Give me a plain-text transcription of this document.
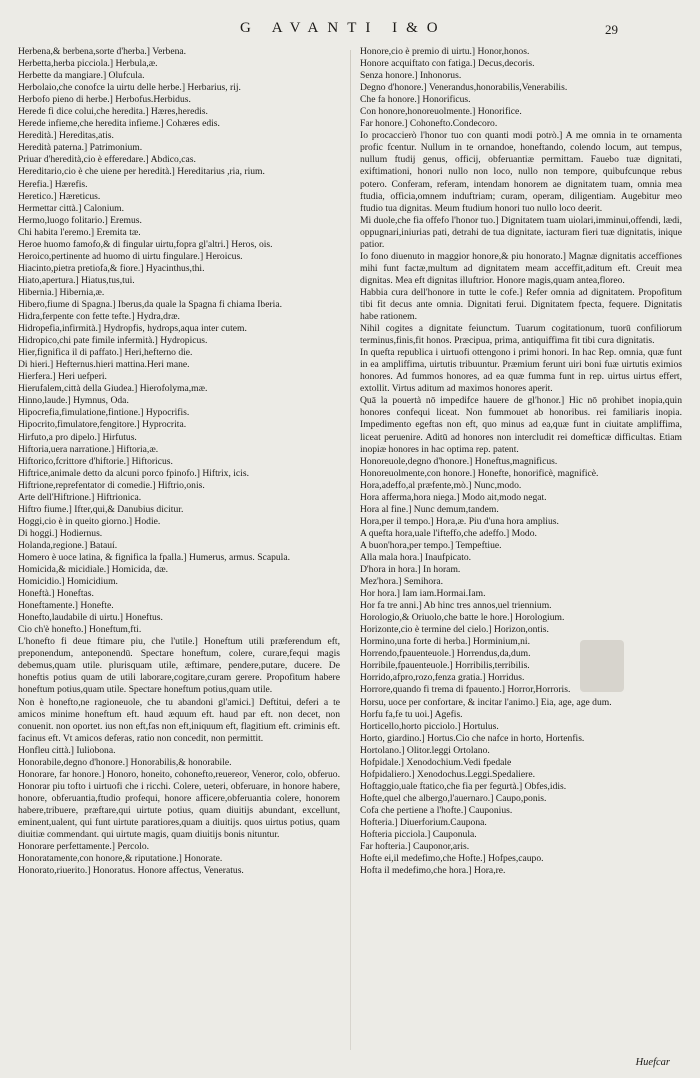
G AVANTI I&O	29

Herbena,& berbena,sorte d'herba.] Verbena.

Herbetta,herba picciola.] Herbula,æ.

Herbette da mangiare.] Olufcula.

Herbolaio,che conofce la uirtu delle herbe.] Herbarius, rij.

Herbofo pieno di herbe.] Herbofus.Herbidus.

Herede fi dice colui,che heredita.] Hæres,heredis.

Herede infieme,che heredita infieme.] Cohæres edis.

Heredità.] Hereditas,atis.

Heredità paterna.] Patrimonium.

Priuar d'heredità,cio è efferedare.] Abdico,cas.

Hereditario,cio è che uiene per heredità.] Hereditarius ,ria, rium.

Herefia.] Hærefis.

Heretico.] Hæreticus.

Hermettar città.] Calonium.

Hermo,luogo folitario.] Eremus.

Chi habita l'eremo.] Eremita tæ.

Heroe huomo famofo,& di fingular uirtu,fopra gl'altri.] Heros, ois.

Heroico,pertinente ad huomo di uirtu fingulare.] Heroicus.

Hiacinto,pietra pretiofa,& fiore.] Hyacinthus,thi.

Hiato,apertura.] Hiatus,tus,tui.

Hibernia.] Hibernia,æ.

Hibero,fiume di Spagna.] Iberus,da quale la Spagna fi chiama Iberia.

Hidra,ferpente con fette tefte.] Hydra,dræ.

Hidropefia,infirmità.] Hydropfis, hydrops,aqua inter cutem.

Hidropico,chi pate fimile infermità.] Hydropicus.

Hier,fignifica il di paffato.] Heri,hefterno die.

Di hieri.] Hefternus.hieri mattina.Heri mane.

Hierfera.] Heri uefperi.

Hierufalem,città della Giudea.] Hierofolyma,mæ.

Hinno,laude.] Hymnus, Oda.

Hipocrefia,fimulatione,fintione.] Hypocrifis.

Hipocrito,fimulatore,fengitore.] Hyprocrita.

Hirfuto,a pro dipelo.] Hirfutus.

Hiftoria,uera narratione.] Hiftoria,æ.

Hiftorico,fcrittore d'hiftorie.] Hiftoricus.

Hiftrice,animale detto da alcuni porco fpinofo.] Hiftrix, icis.

Hiftrione,reprefentator di comedie.] Hiftrio,onis.

Arte dell'Hiftrione.] Hiftrionica.

Hiftro fiume.] Ifter,qui,& Danubius dicitur.

Hoggi,cio è in queito giorno.] Hodie.

Di hoggi.] Hodiernus.

Holanda,regione.] Batauí.

Homero è uoce latina, & fignifica la fpalla.] Humerus, armus. Scapula.

Homicida,& micidiale.] Homicida, dæ.

Homicidio.] Homicidium.

Honeftà.] Honeftas.

Honeftamente.] Honefte.

Honefto,laudabile di uirtu.] Honeftus.

Cio ch'è honefto.] Honeftum,fti.

L'honefto fi deue ftimare piu, che l'utile.] Honeftum utili præferendum eft, preponendum, anteponendū. Spectare honeftum, colere, curare,fequi magis debemus,quam utile. plurisquam utile, æftimare, pendere,putare, ducere. De honeftis potius quam de utili laborare,cogitare,curam gerere. Propofitum habere honeftum potius,quam utile. Spectare honeftum potius,quam utile.

Non è honefto,ne ragioneuole, che tu abandoni gl'amici.] Deftitui, deferi a te amicos minime honeftum eft. haud æquum eft. haud par eft. non decet, non conuenit. non oportet. ius non eft,fas non eft,iniquum eft, flagitium eft. criminis eft. facinus eft. Vt amicos deferas, ratio non concedit, non permittit.

Honfleu città.] Iuliobona.

Honorabile,degno d'honore.] Honorabilis,& honorabile.

Honorare, far honore.] Honoro, honeito, cohonefto,reuereor, Veneror, colo, obferuo. Honorar piu tofto i uirtuofi che i ricchi. Colere, ueteri, obferuare, in honore habere, honore, obferuantia,ftudio profequi, honore afficere,obferuantia colere, honorem habere,tribuere, præftare,qui uirtute potius, quam diuitijs abundant, excellunt, eminent,ualent, qui funt uirtute paratiores,quam a diuitijs. quos uirtus potius, quam diuitiæ commendant. qui uirtute magis, quam diuitijs bonis nituntur.

Honorare perfettamente.] Percolo.

Honoratamente,con honore,& riputatione.] Honorate.

Honorato,riuerito.] Honoratus. Honore affectus, Veneratus.

Honore,cio è premio di uirtu.] Honor,honos.

Honore acquiftato con fatiga.] Decus,decoris.

Senza honore.] Inhonorus.

Degno d'honore.] Venerandus,honorabilis,Venerabilis.

Che fa honore.] Honorificus.

Con honore,honoreuolmente.] Honorifice.

Far honore.] Cohonefto.Condecoro.

Io procaccierò l'honor tuo con quanti modi potrò.] A me omnia in te ornamenta profic fcentur. Nullum in te ornandoe, honeftando, colendo locum, aut tempus, nullum ftudij genus, officij, obferuantiæ permittam. Fauebo tuæ dignitati, exiftimationi, honori nullo non loco, nullo non tempore, quibufcunque rebus potero. Conferam, referam, intendam honorem ae dignitatem tuam, omnia mea ftudia, officia,omnem induftriam; curam, operam, diligentiam. Augebitur meo ftudio tua dignitas. Meum ftudium honori tuo nullo loco deerit.

Mi duole,che fia offefo l'honor tuo.] Dignitatem tuam uiolari,imminui,offendi, lædi, oppugnari,iniurias pati, detrahi de tua dignitate, iacturam fieri tuæ dignitatis, inique patior.

Io fono diuenuto in maggior honore,& piu honorato.] Magnæ dignitatis acceffiones mihi funt factæ,multum ad dignitatem meam acceffit,aditum eft. Creuit mea dignitas. Mea eft dignitas illuftrior. Honore magis,quam antea,floreo.

Habbia cura dell'honore in tutte le cofe.] Refer omnia ad dignitatem. Propofitum tibi fit decus ante omnia. Dignitati ferui. Dignitatem fpecta, fequere. Dignitatis habe rationem.

Nihil cogites a dignitate feiunctum. Tuarum cogitationum, tuorū confiliorum terminus,finis,fit honos. Præcipua, prima, antiquiffima fit tibi cura dignitatis.

In quefta republica i uirtuofi ottengono i primi honori. In hac Rep. omnia, quæ funt in ea ampliffima, uirtutis tribuuntur. Præmium ferunt uiri boni fuæ uirtutis eximios honores. Ad fummos honores, ad ea quæ fumma funt in rep. uirtus uirtus effert, extollit. Virtus aditum ad maximos honores aperit.

Quā la pouertà nō impedifce hauere de gl'honor.] Hic nō prohibet inopia,quin honores confequi liceat. Non fummouet ab honoribus. rei familiaris inopia. Impedimento egeftas non eft, quo minus ad ea,quæ funt in ciuitate ampliffima, liceat peruenire. Aditū ad honores non intercludit rei domefticæ difficultas. Etiam inopiæ honores in hac optima rep. patent.

Honoreuole,degno d'honore.] Honeftus,magnificus.

Honoreuolmente,con honore.] Honefte, honorificè, magnificè.

Hora,adeffo,al præfente,mò.] Nunc,modo.

Hora afferma,hora niega.] Modo ait,modo negat.

Hora al fine.] Nunc demum,tandem.

Hora,per il tempo.] Hora,æ. Piu d'una hora amplius.

A quefta hora,uale l'ifteffo,che adeffo.] Modo.

A buon'hora,per tempo.] Tempeftiue.

Alla mala hora.] Inaufpicato.

D'hora in hora.] In horam.

Mez'hora.] Semihora.

Hor hora.] Iam iam.Hormai.Iam.

Hor fa tre anni.] Ab hinc tres annos,uel triennium.

Horologio,& Oriuolo,che batte le hore.] Horologium.

Horizonte,cio è termine del cielo.] Horizon,ontis.

Hormino,una forte di herba.] Horminium,ni.

Horrendo,fpauenteuole.] Horrendus,da,dum.

Horribile,fpauenteuole.] Horribilis,terribilis.

Horrido,afpro,rozo,fenza gratia.] Horridus.

Horrore,quando fi trema di fpauento.] Horror,Horroris.

Horsu, uoce per confortare, & incitar l'animo.] Eia, age, age dum.

Horfu fa,fe tu uoi.] Agefis.

Horticello,horto picciolo.] Hortulus.

Horto, giardino.] Hortus.Cio che nafce in horto, Hortenfis.

Hortolano.] Olitor.leggi Ortolano.

Hofpidale.] Xenodochium.Vedi fpedale

Hofpidaliero.] Xenodochus.Leggi.Spedaliere.

Hoftaggio,uale ftatico,che fia per fegurtà.] Obfes,idis.

Hofte,quel che albergo,l'auernaro.] Caupo,ponis.

Cofa che pertiene a l'hofte.] Cauponius.

Hofteria.] Diuerforium.Caupona.

Hofteria picciola.] Cauponula.

Far hofteria.] Cauponor,aris.

Hofte ei,il medefimo,che Hofte.] Hofpes,caupo.

Hofta il medefimo,che hora.] Hora,re.

Huefcar
